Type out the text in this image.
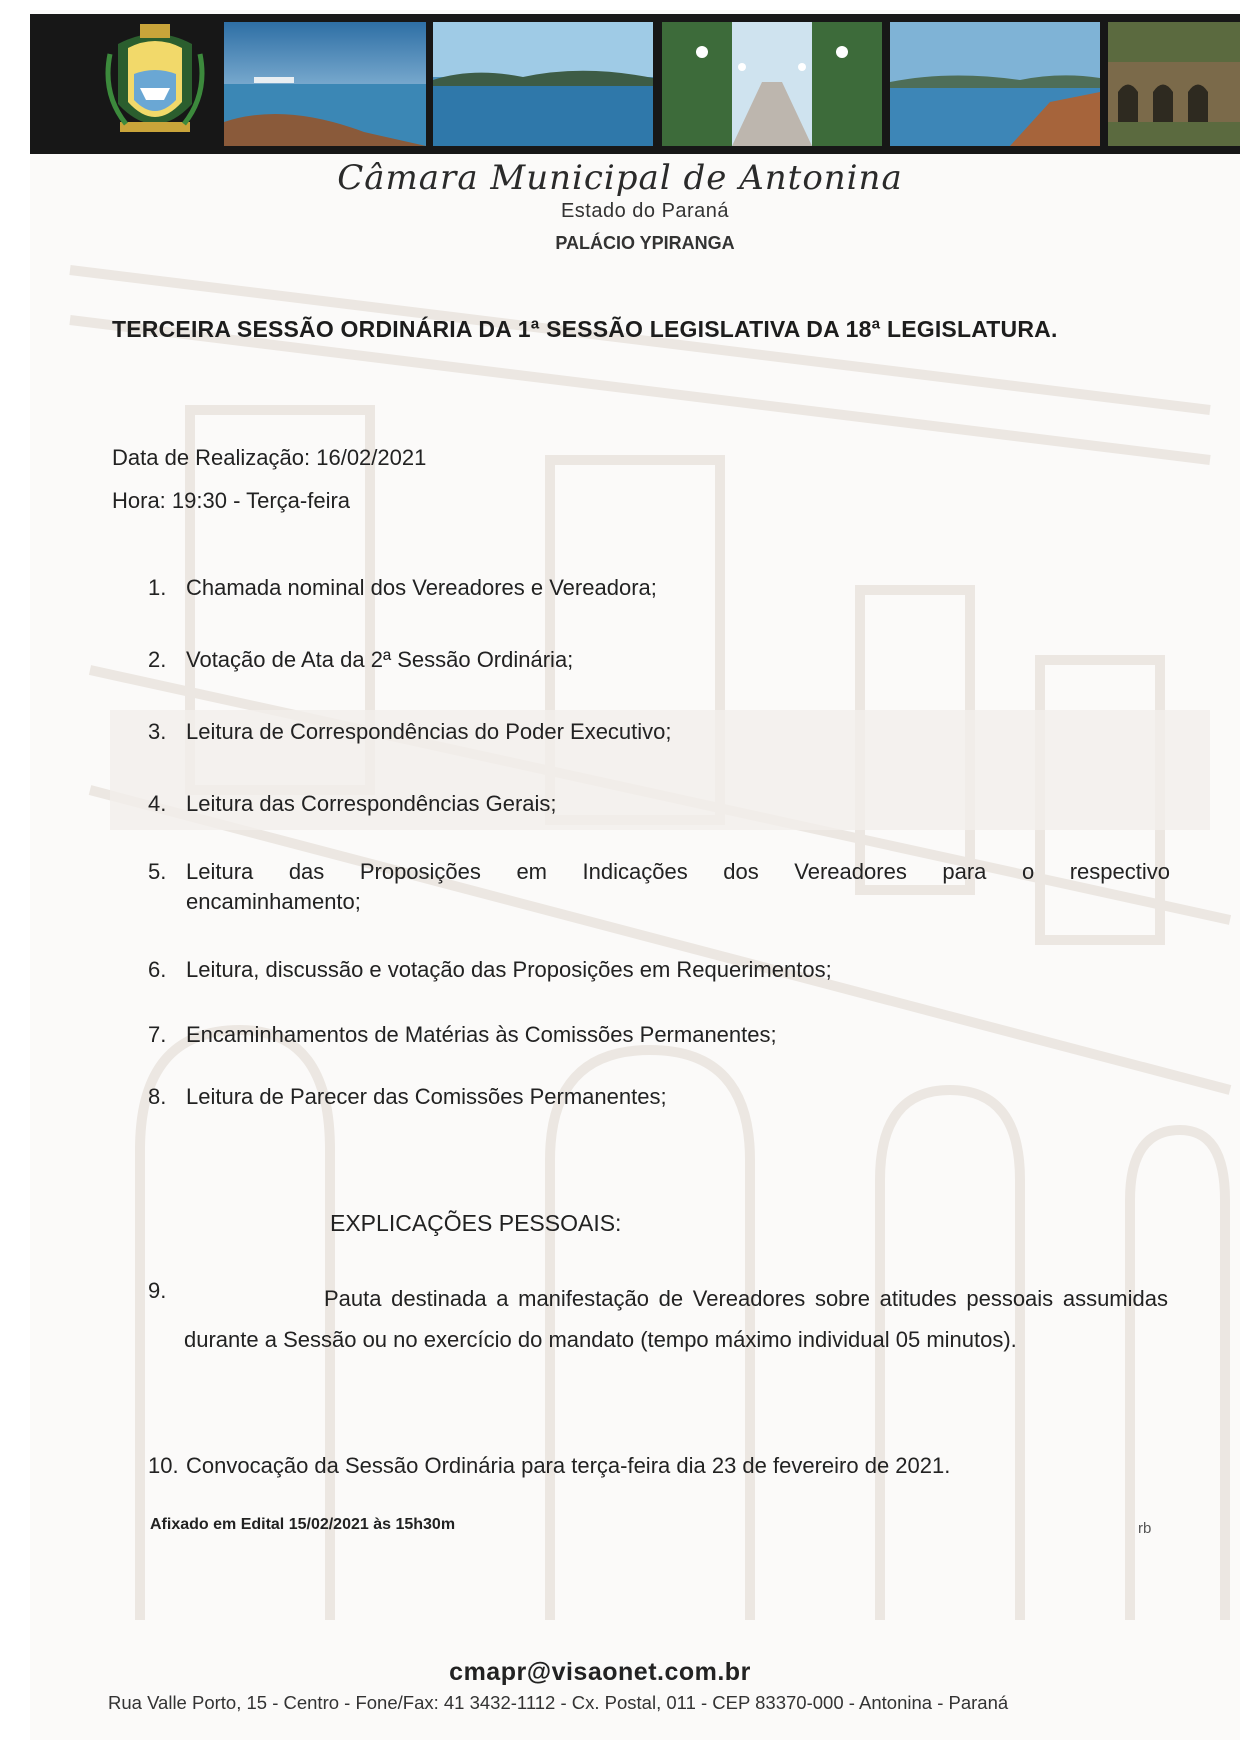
Câmara Municipal de Antonina
Estado do Paraná
PALÁCIO YPIRANGA
TERCEIRA SESSÃO ORDINÁRIA DA 1ª SESSÃO LEGISLATIVA DA 18ª LEGISLATURA.
Data de Realização: 16/02/2021
Hora: 19:30 - Terça-feira
1. Chamada nominal dos Vereadores e Vereadora;
2. Votação de Ata da 2ª Sessão Ordinária;
3. Leitura de Correspondências do Poder Executivo;
4. Leitura das Correspondências Gerais;
5. Leitura das Proposições em Indicações dos Vereadores para o respectivo
encaminhamento;
6. Leitura, discussão e votação das Proposições em Requerimentos;
7. Encaminhamentos de Matérias às Comissões Permanentes;
8. Leitura de Parecer das Comissões Permanentes;
EXPLICAÇÕES PESSOAIS:
9.	Pauta destinada a manifestação de Vereadores sobre atitudes pessoais assumidas durante a Sessão ou no exercício do mandato (tempo máximo individual 05 minutos).
10. Convocação da Sessão Ordinária para terça-feira dia 23 de fevereiro de 2021.
Afixado em Edital 15/02/2021 às 15h30m	rb
cmapr@visaonet.com.br
Rua Valle Porto, 15 - Centro - Fone/Fax: 41 3432-1112 - Cx. Postal, 011 - CEP 83370-000 - Antonina - Paraná
